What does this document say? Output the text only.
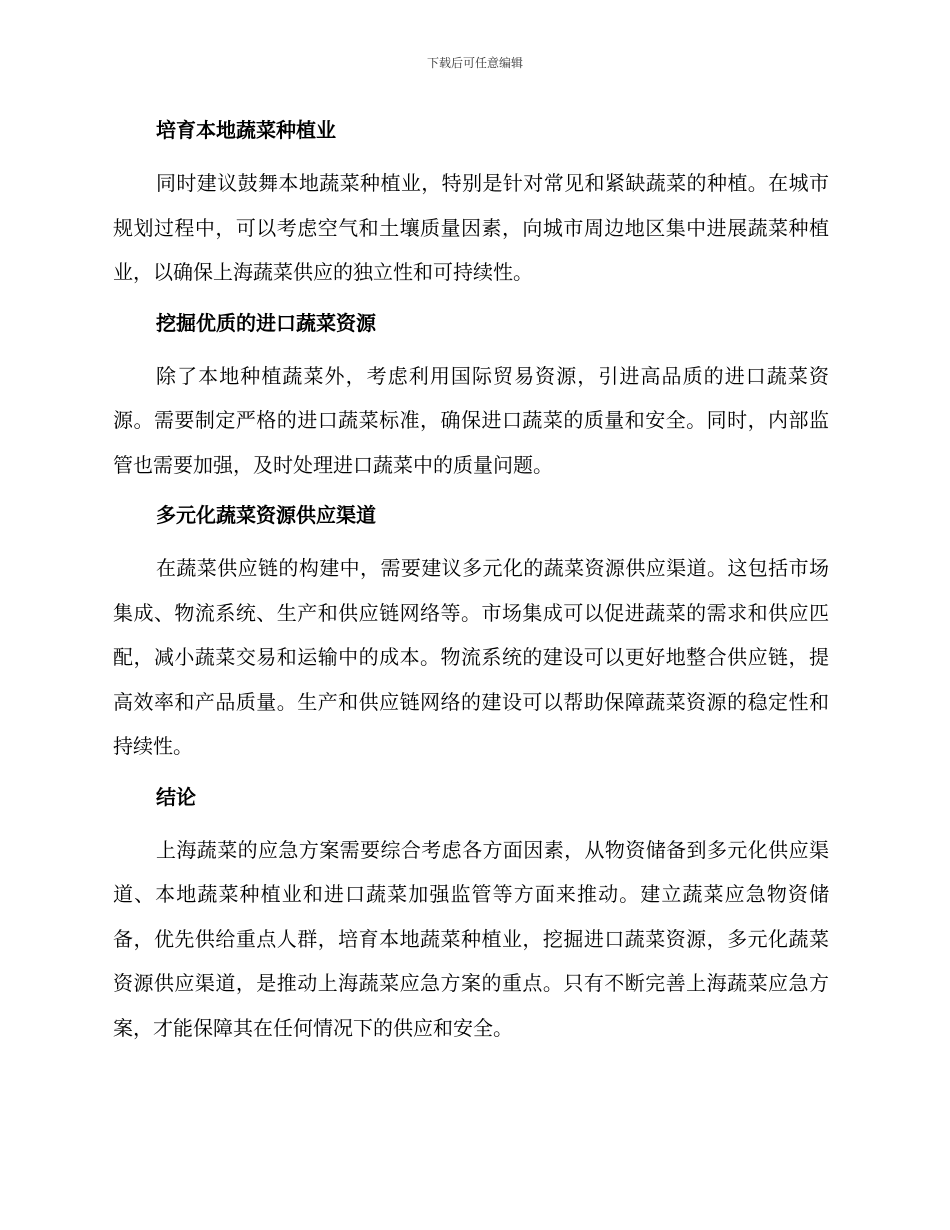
下载后可任意编辑
培育本地蔬菜种植业

同时建议鼓舞本地蔬菜种植业，特别是针对常见和紧缺蔬菜的种植。在城市规划过程中，可以考虑空气和土壤质量因素，向城市周边地区集中进展蔬菜种植业，以确保上海蔬菜供应的独立性和可持续性。

挖掘优质的进口蔬菜资源

除了本地种植蔬菜外，考虑利用国际贸易资源，引进高品质的进口蔬菜资源。需要制定严格的进口蔬菜标准，确保进口蔬菜的质量和安全。同时，内部监管也需要加强，及时处理进口蔬菜中的质量问题。

多元化蔬菜资源供应渠道

在蔬菜供应链的构建中，需要建议多元化的蔬菜资源供应渠道。这包括市场集成、物流系统、生产和供应链网络等。市场集成可以促进蔬菜的需求和供应匹配，减小蔬菜交易和运输中的成本。物流系统的建设可以更好地整合供应链，提高效率和产品质量。生产和供应链网络的建设可以帮助保障蔬菜资源的稳定性和持续性。

结论

上海蔬菜的应急方案需要综合考虑各方面因素，从物资储备到多元化供应渠道、本地蔬菜种植业和进口蔬菜加强监管等方面来推动。建立蔬菜应急物资储备，优先供给重点人群，培育本地蔬菜种植业，挖掘进口蔬菜资源，多元化蔬菜资源供应渠道，是推动上海蔬菜应急方案的重点。只有不断完善上海蔬菜应急方案，才能保障其在任何情况下的供应和安全。
